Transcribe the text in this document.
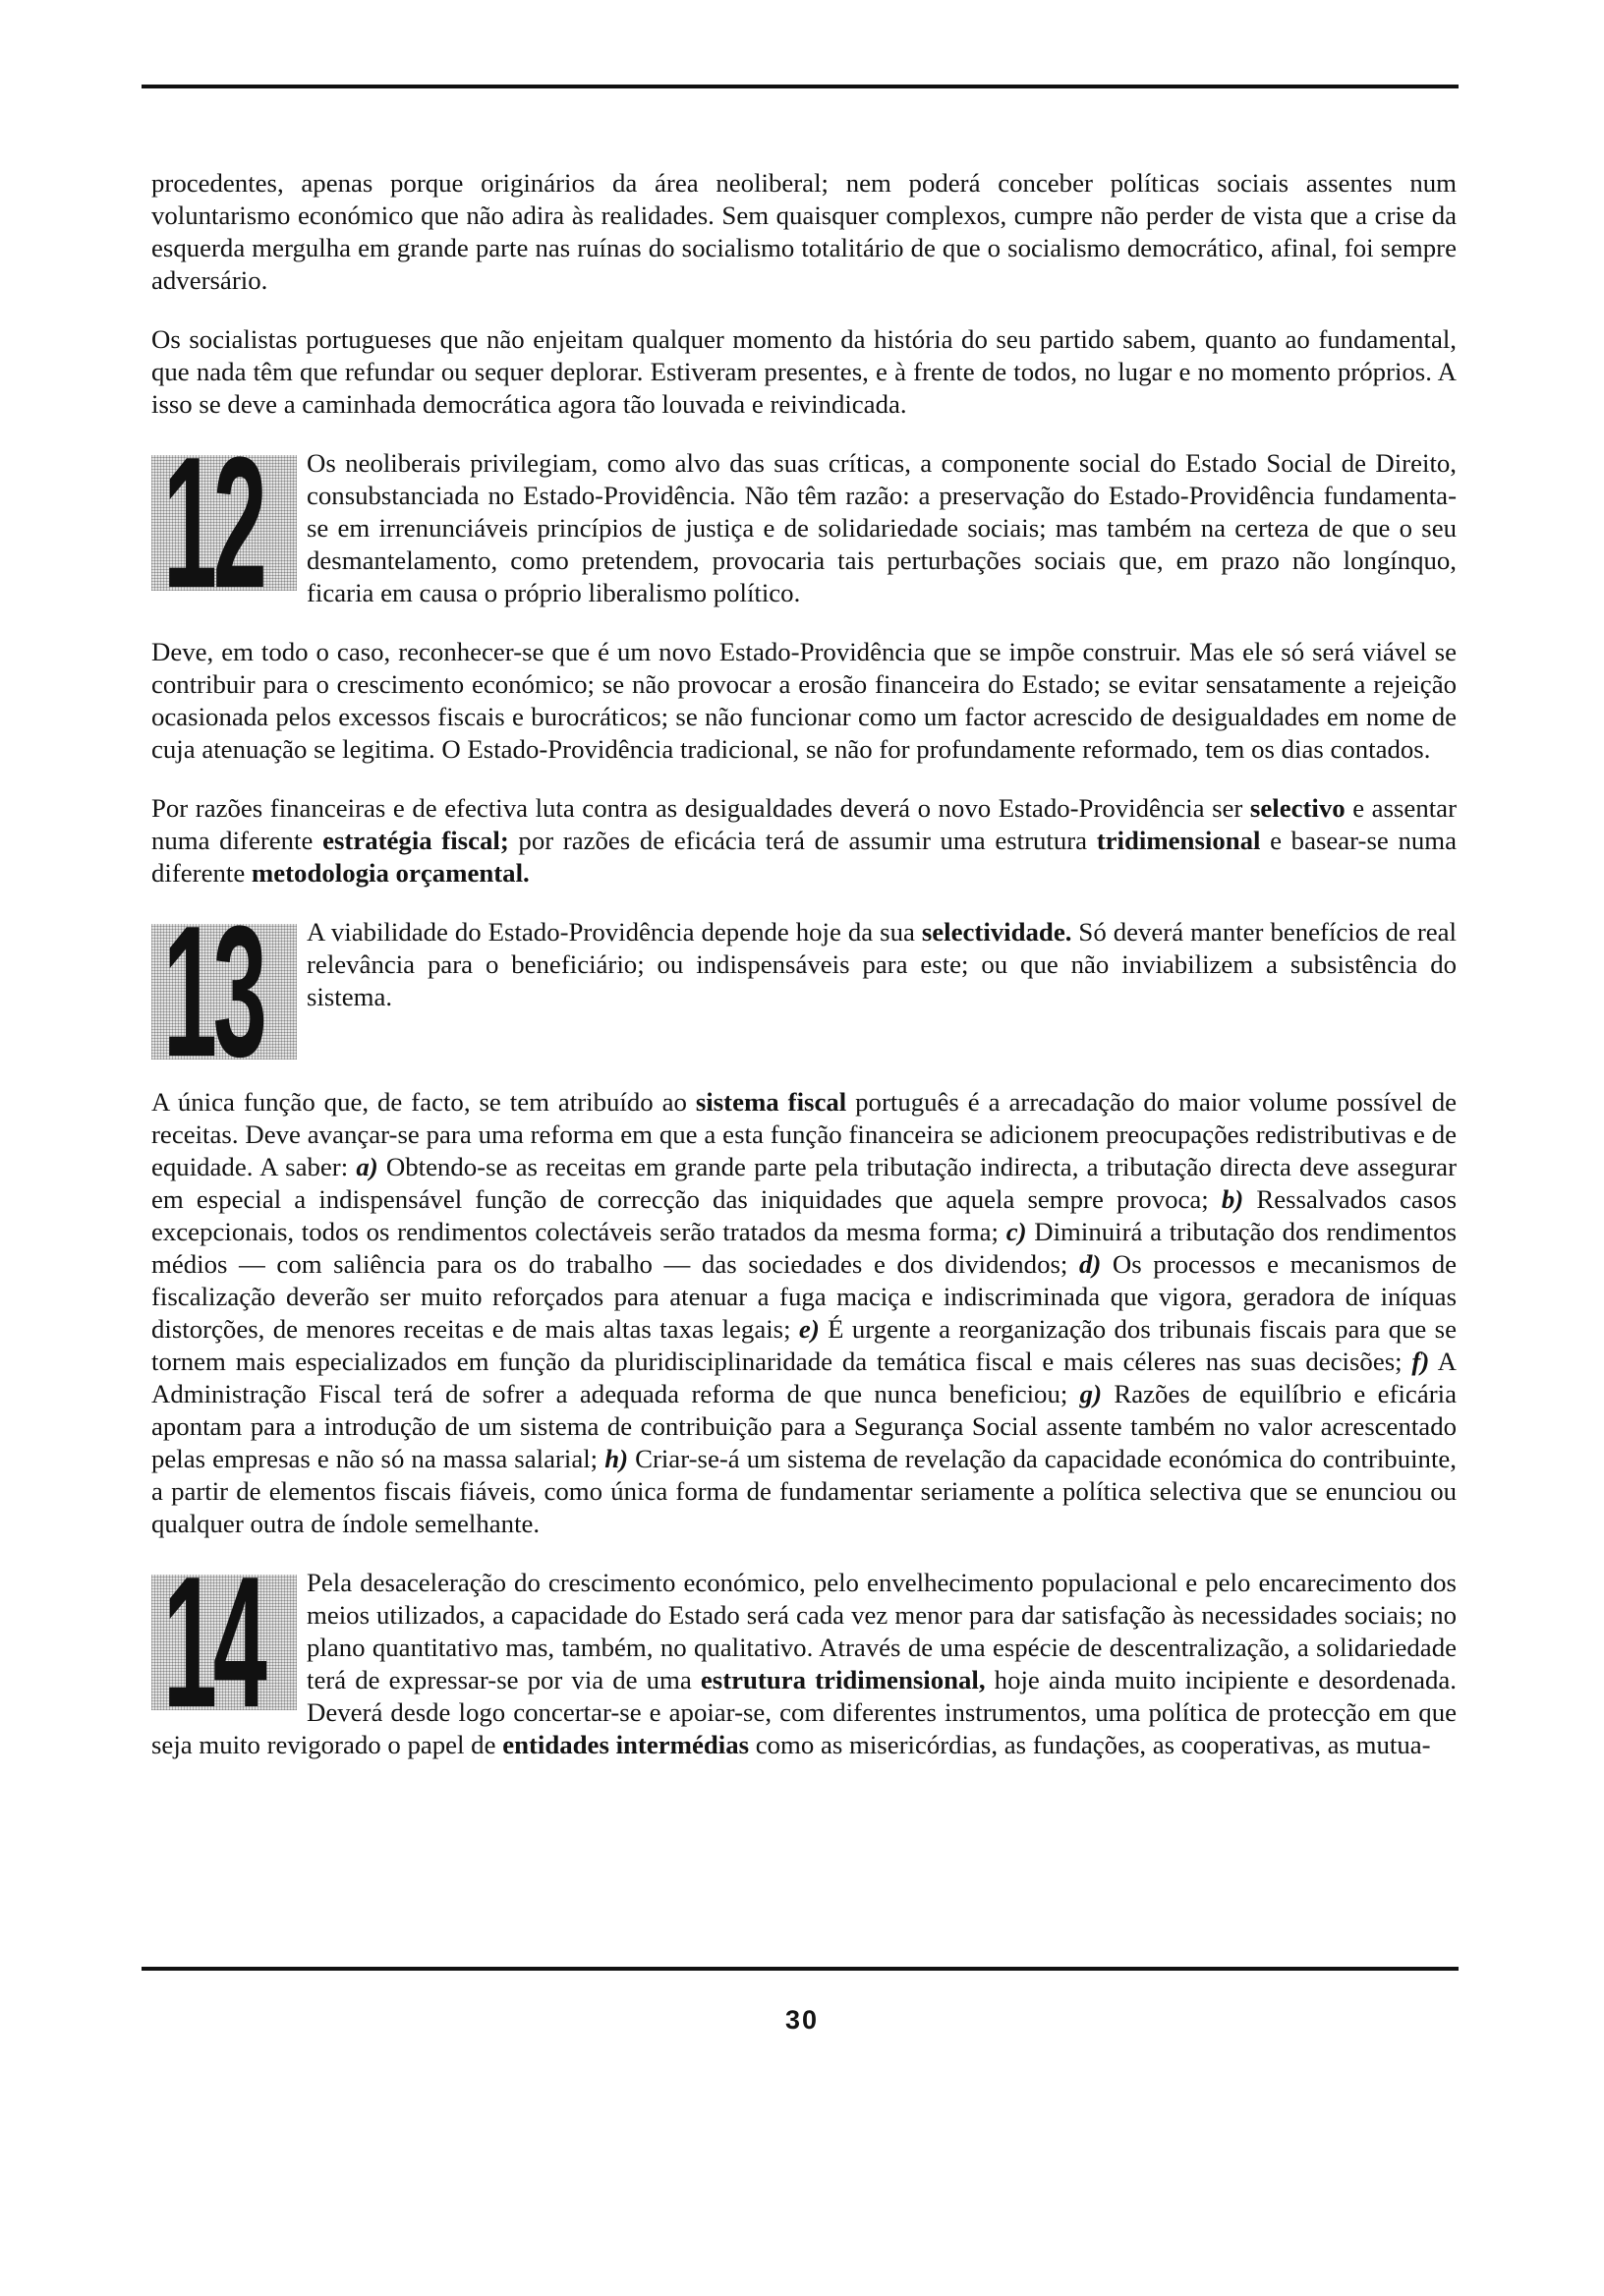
procedentes, apenas porque originários da área neoliberal; nem poderá conceber políticas sociais assentes num voluntarismo económico que não adira às realidades. Sem quaisquer complexos, cumpre não perder de vista que a crise da esquerda mergulha em grande parte nas ruínas do socialismo totalitário de que o socialismo democrático, afinal, foi sempre adversário.

Os socialistas portugueses que não enjeitam qualquer momento da história do seu partido sabem, quanto ao fundamental, que nada têm que refundar ou sequer deplorar. Estiveram presentes, e à frente de todos, no lugar e no momento próprios. A isso se deve a caminhada democrática agora tão louvada e reivindicada.

12	Os neoliberais privilegiam, como alvo das suas críticas, a componente social do Estado Social de Direito, consubstanciada no Estado-Providência. Não têm razão: a preservação do Estado-Providência fundamenta-se em irrenunciáveis princípios de justiça e de solidariedade sociais; mas também na certeza de que o seu desmantelamento, como pretendem, provocaria tais perturbações sociais que, em prazo não longínquo, ficaria em causa o próprio liberalismo político.

Deve, em todo o caso, reconhecer-se que é um novo Estado-Providência que se impõe construir. Mas ele só será viável se contribuir para o crescimento económico; se não provocar a erosão financeira do Estado; se evitar sensatamente a rejeição ocasionada pelos excessos fiscais e burocráticos; se não funcionar como um factor acrescido de desigualdades em nome de cuja atenuação se legitima. O Estado-Providência tradicional, se não for profundamente reformado, tem os dias contados.

Por razões financeiras e de efectiva luta contra as desigualdades deverá o novo Estado-Providência ser selectivo e assentar numa diferente estratégia fiscal; por razões de eficácia terá de assumir uma estrutura tridimensional e basear-se numa diferente metodologia orçamental.

13	A viabilidade do Estado-Providência depende hoje da sua selectividade. Só deverá manter benefícios de real relevância para o beneficiário; ou indispensáveis para este; ou que não inviabilizem a subsistência do sistema.

A única função que, de facto, se tem atribuído ao sistema fiscal português é a arrecadação do maior volume possível de receitas. Deve avançar-se para uma reforma em que a esta função financeira se adicionem preocupações redistributivas e de equidade. A saber: a) Obtendo-se as receitas em grande parte pela tributação indirecta, a tributação directa deve assegurar em especial a indispensável função de correcção das iniquidades que aquela sempre provoca; b) Ressalvados casos excepcionais, todos os rendimentos colectáveis serão tratados da mesma forma; c) Diminuirá a tributação dos rendimentos médios — com saliência para os do trabalho — das sociedades e dos dividendos; d) Os processos e mecanismos de fiscalização deverão ser muito reforçados para atenuar a fuga maciça e indiscriminada que vigora, geradora de iníquas distorções, de menores receitas e de mais altas taxas legais; e) É urgente a reorganização dos tribunais fiscais para que se tornem mais especializados em função da pluridisciplinaridade da temática fiscal e mais céleres nas suas decisões; f) A Administração Fiscal terá de sofrer a adequada reforma de que nunca beneficiou; g) Razões de equilíbrio e eficária apontam para a introdução de um sistema de contribuição para a Segurança Social assente também no valor acrescentado pelas empresas e não só na massa salarial; h) Criar-se-á um sistema de revelação da capacidade económica do contribuinte, a partir de elementos fiscais fiáveis, como única forma de fundamentar seriamente a política selectiva que se enunciou ou qualquer outra de índole semelhante.

14	Pela desaceleração do crescimento económico, pelo envelhecimento populacional e pelo encarecimento dos meios utilizados, a capacidade do Estado será cada vez menor para dar satisfação às necessidades sociais; no plano quantitativo mas, também, no qualitativo. Através de uma espécie de descentralização, a solidariedade terá de expressar-se por via de uma estrutura tridimensional, hoje ainda muito incipiente e desordenada. Deverá desde logo concertar-se e apoiar-se, com diferentes instrumentos, uma política de protecção em que seja muito revigorado o papel de entidades intermédias como as misericórdias, as fundações, as cooperativas, as mutua-

30
